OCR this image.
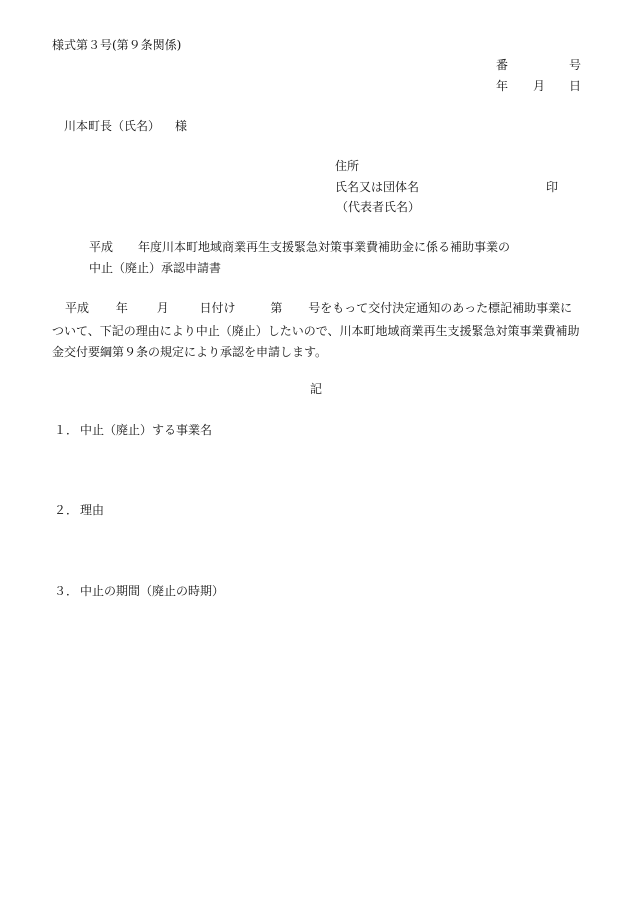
様式第３号(第９条関係)
番	号
年 月 日
川本町長（氏名） 様
住所
氏名又は団体名	印
（代表者氏名）
平成 年度川本町地域商業再生支援緊急対策事業費補助金に係る補助事業の
中止（廃止）承認申請書
平成 年 月	日付け	第 号をもって交付決定通知のあった標記補助事業に
ついて、下記の理由により中止（廃止）したいので、川本町地域商業再生支援緊急対策事業費補助金交付要綱第９条の規定により承認を申請します。
記
１． 中止（廃止）する事業名
２． 理由
３． 中止の期間（廃止の時期）
